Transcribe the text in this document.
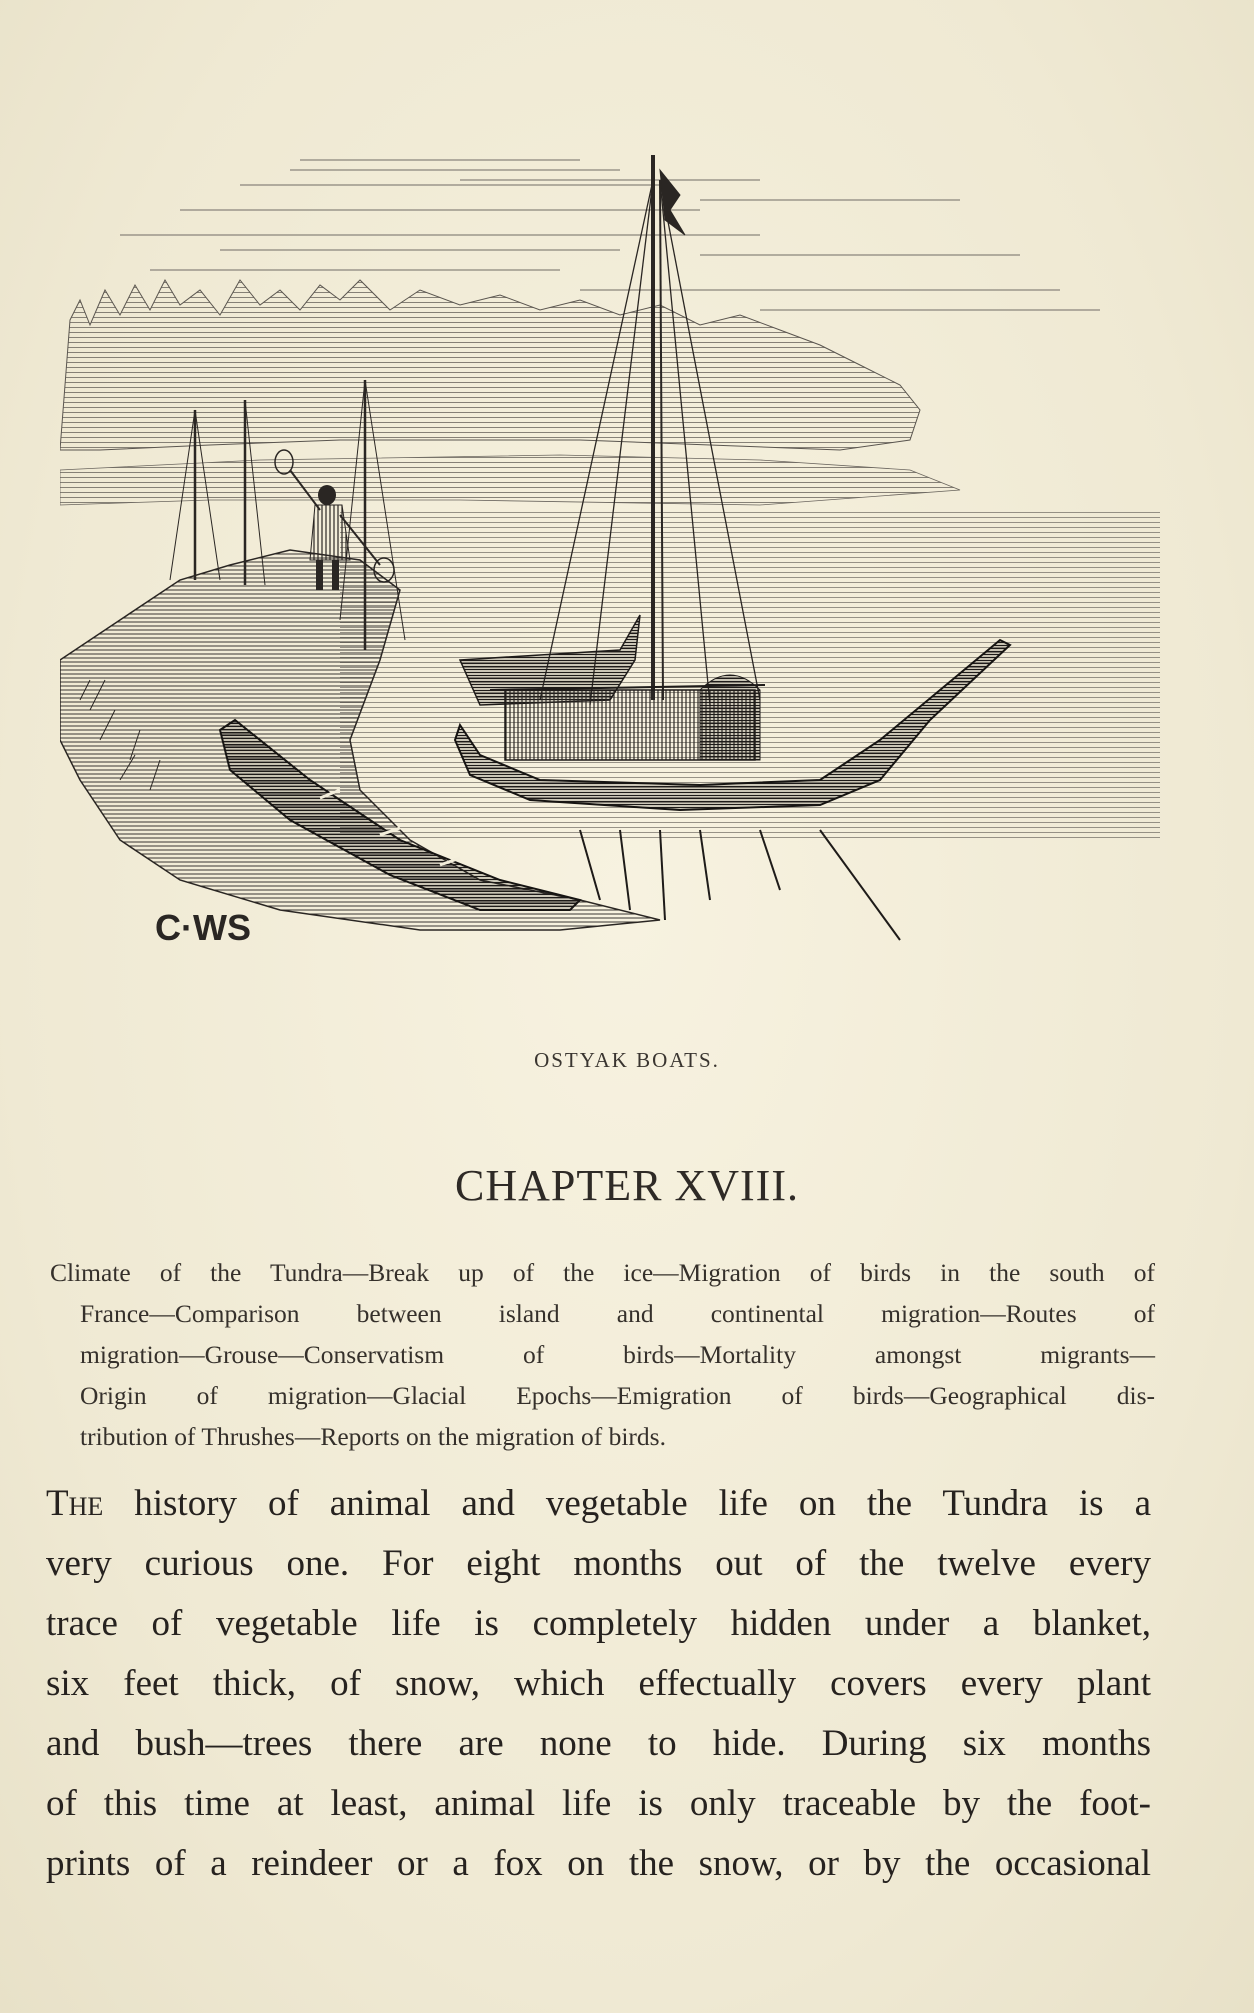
C·WS
OSTYAK BOATS.
CHAPTER XVIII.
Climate of the Tundra—Break up of the ice—Migration of birds in the south of
France—Comparison between island and continental migration—Routes of
migration—Grouse—Conservatism of birds—Mortality amongst migrants—
Origin of migration—Glacial Epochs—Emigration of birds—Geographical dis-
tribution of Thrushes—Reports on the migration of birds.
The history of animal and vegetable life on the Tundra is a
very curious one. For eight months out of the twelve every
trace of vegetable life is completely hidden under a blanket,
six feet thick, of snow, which effectually covers every plant
and bush—trees there are none to hide. During six months
of this time at least, animal life is only traceable by the foot-
prints of a reindeer or a fox on the snow, or by the occasional
